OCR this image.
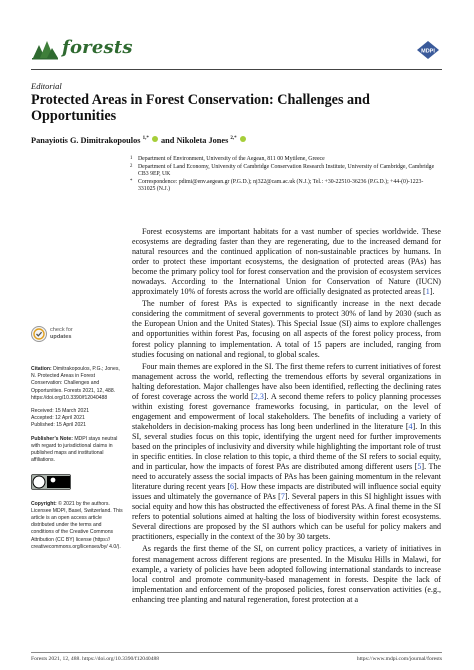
forests	MDPI
Editorial
Protected Areas in Forest Conservation: Challenges and Opportunities
Panayiotis G. Dimitrakopoulos $^{1,*}$ and Nikoleta Jones $^{2,*}$
1 Department of Environment, University of the Aegean, 811 00 Mytilene, Greece
2 Department of Land Economy, University of Cambridge Conservation Research Institute, University of Cambridge, Cambridge CB3 9EP, UK
* Correspondence: pdimi@env.aegean.gr (P.G.D.); nj322@cam.ac.uk (N.J.); Tel.: +30-22510-36236 (P.G.D.); +44-(0)-1223-331025 (N.J.)
check for
updates
Citation: Dimitrakopoulos, P.G.; Jones, N. Protected Areas in Forest Conservation: Challenges and Opportunities. Forests 2021, 12, 488. https://doi.org/10.3390/f12040488
Received: 15 March 2021
Accepted: 12 April 2021
Published: 15 April 2021
Publisher’s Note: MDPI stays neutral with regard to jurisdictional claims in published maps and institutional affiliations.
Copyright: © 2021 by the authors. Licensee MDPI, Basel, Switzerland. This article is an open access article distributed under the terms and conditions of the Creative Commons Attribution (CC BY) license (https:// creativecommons.org/licenses/by/ 4.0/).

Forest ecosystems are important habitats for a vast number of species worldwide. These ecosystems are degrading faster than they are regenerating, due to the increased demand for natural resources and the continued application of non-sustainable practices by humans. In order to protect these important ecosystems, the designation of protected areas (PAs) has become the primary policy tool for forest conservation and the provision of ecosystem services nowadays. According to the International Union for Conservation of Nature (IUCN) approximately 10% of forests across the world are officially designated as protected areas [1].

The number of forest PAs is expected to significantly increase in the next decade considering the commitment of several governments to protect 30% of land by 2030 (such as the European Union and the United States). This Special Issue (SI) aims to explore challenges and opportunities within forest Pas, focusing on all aspects of the forest policy process, from forest policy planning to implementation. A total of 15 papers are included, ranging from studies focusing on national and regional, to global scales.

Four main themes are explored in the SI. The first theme refers to current initiatives of forest management across the world, reflecting the tremendous efforts by several organizations in halting deforestation. Major challenges have also been identified, reflecting the declining rates of forest coverage across the world [2,3]. A second theme refers to policy planning processes within existing forest governance frameworks focusing, in particular, on the level of engagement and empowerment of local stakeholders. The benefits of including a variety of stakeholders in decision-making process has long been underlined in the literature [4]. In this SI, several studies focus on this topic, identifying the urgent need for further improvements based on the principles of inclusivity and diversity while highlighting the important role of trust in specific entities. In close relation to this topic, a third theme of the SI refers to social equity, and in particular, how the impacts of forest PAs are distributed among different users [5]. The need to accurately assess the social impacts of PAs has been gaining momentum in the relevant literature during recent years [6]. How these impacts are distributed will influence social equity issues and ultimately the governance of PAs [7]. Several papers in this SI highlight issues with social equity and how this has obstructed the effectiveness of forest PAs. A final theme in the SI refers to potential solutions aimed at halting the loss of biodiversity within forest ecosystems. Several directions are proposed by the SI authors which can be useful for policy makers and practitioners, especially in the context of the 30 by 30 targets.

As regards the first theme of the SI, on current policy practices, a variety of initiatives in forest management across different regions are presented. In the Misuku Hills in Malawi, for example, a variety of policies have been adopted following international standards to increase local control and promote community-based management in forests. Despite the lack of implementation and enforcement of the proposed policies, forest conservation activities (e.g., enhancing tree planting and natural regeneration, forest protection at a

Forests 2021, 12, 488. https://doi.org/10.3390/f12040488	https://www.mdpi.com/journal/forests
